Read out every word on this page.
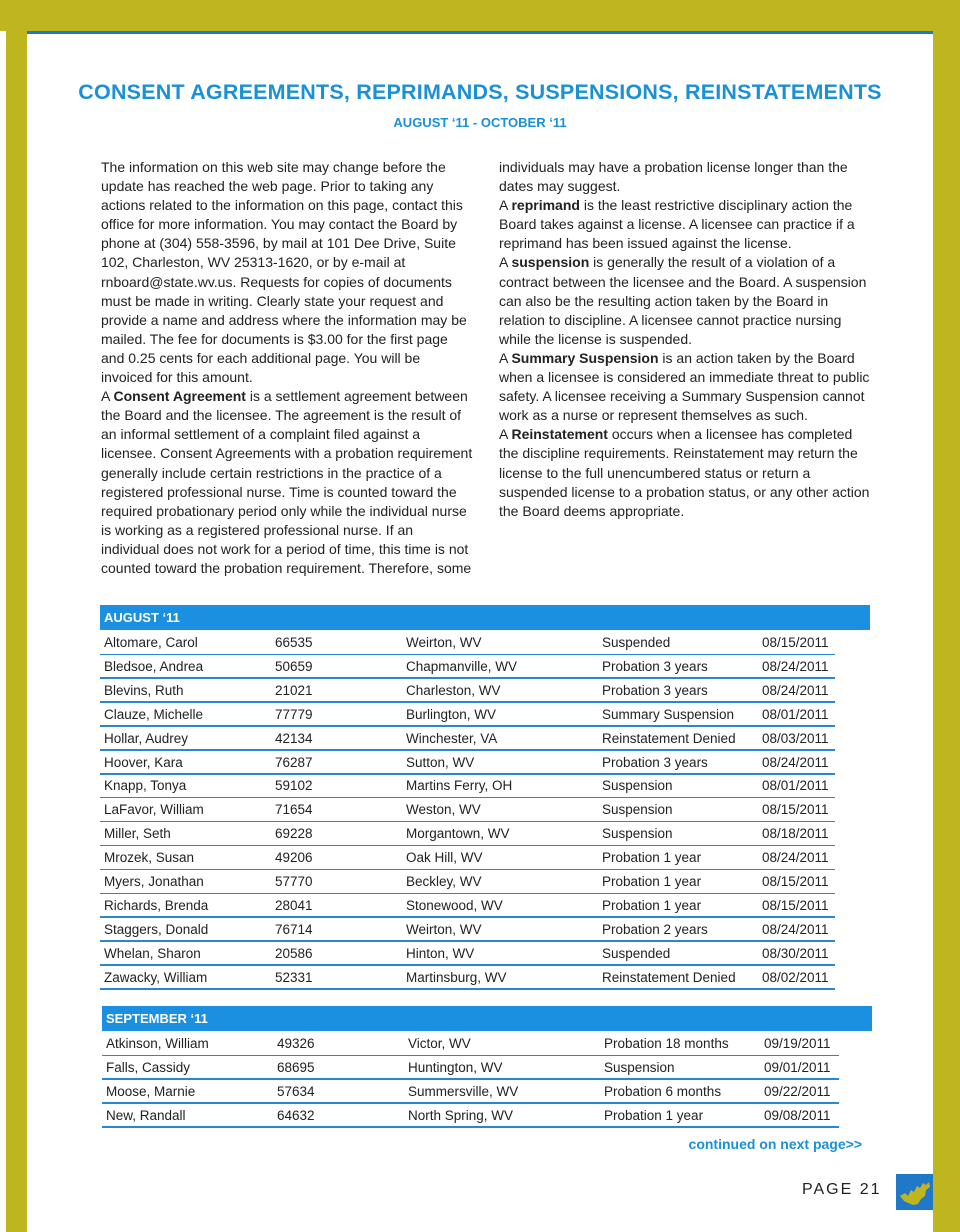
CONSENT AGREEMENTS, REPRIMANDS, SUSPENSIONS, REINSTATEMENTS
AUGUST ‘11 - OCTOBER ‘11

The information on this web site may change before the update has reached the web page. Prior to taking any actions related to the information on this page, contact this office for more information. You may contact the Board by phone at (304) 558-3596, by mail at 101 Dee Drive, Suite 102, Charleston, WV 25313-1620, or by e-mail at rnboard@state.wv.us. Requests for copies of documents must be made in writing. Clearly state your request and provide a name and address where the information may be mailed. The fee for documents is $3.00 for the first page and 0.25 cents for each additional page. You will be invoiced for this amount.

A Consent Agreement is a settlement agreement between the Board and the licensee. The agreement is the result of an informal settlement of a complaint filed against a licensee. Consent Agreements with a probation requirement generally include certain restrictions in the practice of a registered professional nurse. Time is counted toward the required probationary period only while the individual nurse is working as a registered professional nurse. If an individual does not work for a period of time, this time is not counted toward the probation requirement. Therefore, some

individuals may have a probation license longer than the dates may suggest.

A reprimand is the least restrictive disciplinary action the Board takes against a license. A licensee can practice if a reprimand has been issued against the license.

A suspension is generally the result of a violation of a contract between the licensee and the Board. A suspension can also be the resulting action taken by the Board in relation to discipline. A licensee cannot practice nursing while the license is suspended.

A Summary Suspension is an action taken by the Board when a licensee is considered an immediate threat to public safety. A licensee receiving a Summary Suspension cannot work as a nurse or represent themselves as such.

A Reinstatement occurs when a licensee has completed the discipline requirements. Reinstatement may return the license to the full unencumbered status or return a suspended license to a probation status, or any other action the Board deems appropriate.

AUGUST ‘11
Altomare, Carol	66535	Weirton, WV	Suspended	08/15/2011
Bledsoe, Andrea	50659	Chapmanville, WV	Probation 3 years	08/24/2011
Blevins, Ruth	21021	Charleston, WV	Probation 3 years	08/24/2011
Clauze, Michelle	77779	Burlington, WV	Summary Suspension 08/01/2011
Hollar, Audrey	42134	Winchester, VA	Reinstatement Denied 08/03/2011
Hoover, Kara	76287	Sutton, WV	Probation 3 years	08/24/2011
Knapp, Tonya	59102	Martins Ferry, OH	Suspension	08/01/2011
LaFavor, William	71654	Weston, WV	Suspension	08/15/2011
Miller, Seth	69228	Morgantown, WV	Suspension	08/18/2011
Mrozek, Susan	49206	Oak Hill, WV	Probation 1 year	08/24/2011
Myers, Jonathan	57770	Beckley, WV	Probation 1 year	08/15/2011
Richards, Brenda	28041	Stonewood, WV	Probation 1 year	08/15/2011
Staggers, Donald	76714	Weirton, WV	Probation 2 years	08/24/2011
Whelan, Sharon	20586	Hinton, WV	Suspended	08/30/2011
Zawacky, William	52331	Martinsburg, WV	Reinstatement Denied 08/02/2011
SEPTEMBER ‘11
Atkinson, William	49326	Victor, WV	Probation 18 months	09/19/2011
Falls, Cassidy	68695	Huntington, WV	Suspension	09/01/2011
Moose, Marnie	57634	Summersville, WV	Probation 6 months	09/22/2011
New, Randall	64632	North Spring, WV	Probation 1 year	09/08/2011
continued on next page>>
PAGE 21
